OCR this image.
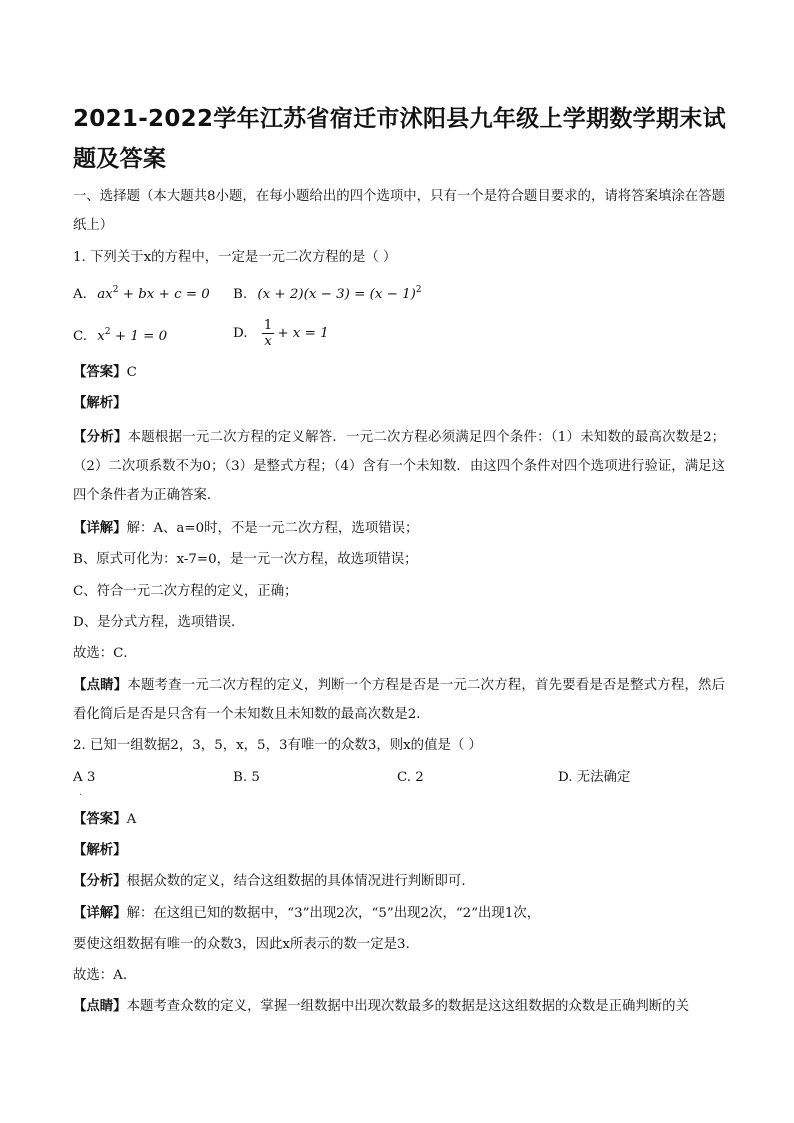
2021-2022学年江苏省宿迁市沭阳县九年级上学期数学期末试题及答案
一、选择题（本大题共8小题，在每小题给出的四个选项中，只有一个是符合题目要求的，请将答案填涂在答题纸上）
1. 下列关于x的方程中，一定是一元二次方程的是（ ）
A. $ax^2$ + bx + c = 0 B. $(x + 2)(x - 3) = (x - 1)^2$
C. $x^2 + 1 = 0$	D. $\frac{1}{x} + x = 1$
【答案】C
【解析】
【分析】本题根据一元二次方程的定义解答．一元二次方程必须满足四个条件：（1）未知数的最高次数是2；（2）二次项系数不为0；（3）是整式方程；（4）含有一个未知数．由这四个条件对四个选项进行验证，满足这四个条件者为正确答案．
【详解】解：A、a=0时，不是一元二次方程，选项错误；
B、原式可化为：x-7=0，是一元一次方程，故选项错误；
C、符合一元二次方程的定义，正确；
D、是分式方程，选项错误．
故选：C．
【点睛】本题考查一元二次方程的定义，判断一个方程是否是一元二次方程，首先要看是否是整式方程，然后看化简后是否是只含有一个未知数且未知数的最高次数是2．
2. 已知一组数据2，3，5，x，5，3有唯一的众数3，则x的值是（ ）
A 3	B. 5	C. 2	D. 无法确定
·
【答案】A
【解析】
【分析】根据众数的定义，结合这组数据的具体情况进行判断即可．
【详解】解：在这组已知的数据中，“3”出现2次，“5”出现2次，“2”出现1次，
要使这组数据有唯一的众数3，因此x所表示的数一定是3．
故选：A．
【点睛】本题考查众数的定义，掌握一组数据中出现次数最多的数据是这这组数据的众数是正确判断的关
